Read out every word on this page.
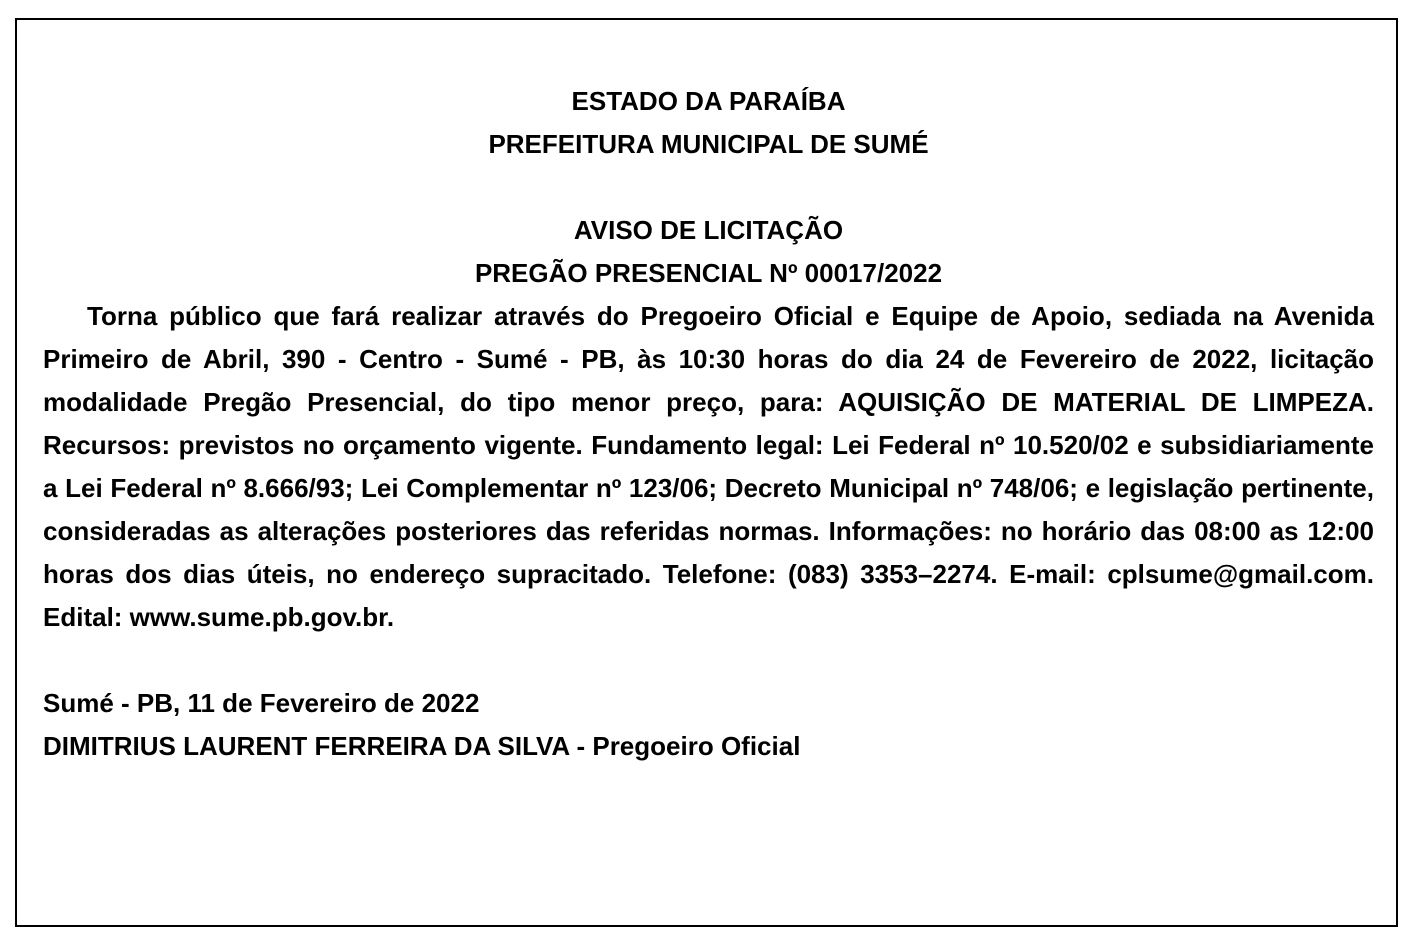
ESTADO DA PARAÍBA
PREFEITURA MUNICIPAL DE SUMÉ
AVISO DE LICITAÇÃO
PREGÃO PRESENCIAL Nº 00017/2022

Torna público que fará realizar através do Pregoeiro Oficial e Equipe de Apoio, sediada na Avenida Primeiro de Abril, 390 - Centro - Sumé - PB, às 10:30 horas do dia 24 de Fevereiro de 2022, licitação modalidade Pregão Presencial, do tipo menor preço, para: AQUISIÇÃO DE MATERIAL DE LIMPEZA. Recursos: previstos no orçamento vigente. Fundamento legal: Lei Federal nº 10.520/02 e subsidiariamente a Lei Federal nº 8.666/93; Lei Complementar nº 123/06; Decreto Municipal nº 748/06; e legislação pertinente, consideradas as alterações posteriores das referidas normas. Informações: no horário das 08:00 as 12:00 horas dos dias úteis, no endereço supracitado. Telefone: (083) 3353–2274. E-mail: cplsume@gmail.com. Edital: www.sume.pb.gov.br.

Sumé - PB, 11 de Fevereiro de 2022
DIMITRIUS LAURENT FERREIRA DA SILVA - Pregoeiro Oficial
